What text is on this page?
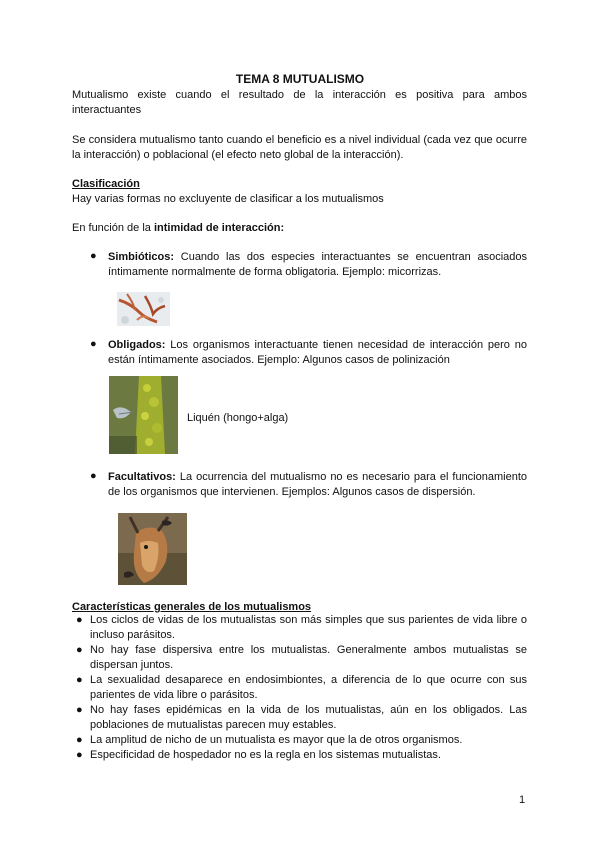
TEMA 8 MUTUALISMO

Mutualismo existe cuando el resultado de la interacción es positiva para ambos interactuantes

Se considera mutualismo tanto cuando el beneficio es a nivel individual (cada vez que ocurre la interacción) o poblacional (el efecto neto global de la interacción).

Clasificación

Hay varias formas no excluyente de clasificar a los mutualismos

En función de la intimidad de interacción:

● Simbióticos: Cuando las dos especies interactuantes se encuentran asociados íntimamente normalmente de forma obligatoria. Ejemplo: micorrizas.

● Obligados: Los organismos interactuante tienen necesidad de interacción pero no están íntimamente asociados. Ejemplo: Algunos casos de polinización

Liquén (hongo+alga)

● Facultativos: La ocurrencia del mutualismo no es necesario para el funcionamiento de los organismos que intervienen. Ejemplos: Algunos casos de dispersión.

Características generales de los mutualismos

● Los ciclos de vidas de los mutualistas son más simples que sus parientes de vida libre o incluso parásitos.
● No hay fase dispersiva entre los mutualistas. Generalmente ambos mutualistas se dispersan juntos.
● La sexualidad desaparece en endosimbiontes, a diferencia de lo que ocurre con sus parientes de vida libre o parásitos.
● No hay fases epidémicas en la vida de los mutualistas, aún en los obligados. Las poblaciones de mutualistas parecen muy estables.
● La amplitud de nicho de un mutualista es mayor que la de otros organismos.
● Especificidad de hospedador no es la regla en los sistemas mutualistas.

1
